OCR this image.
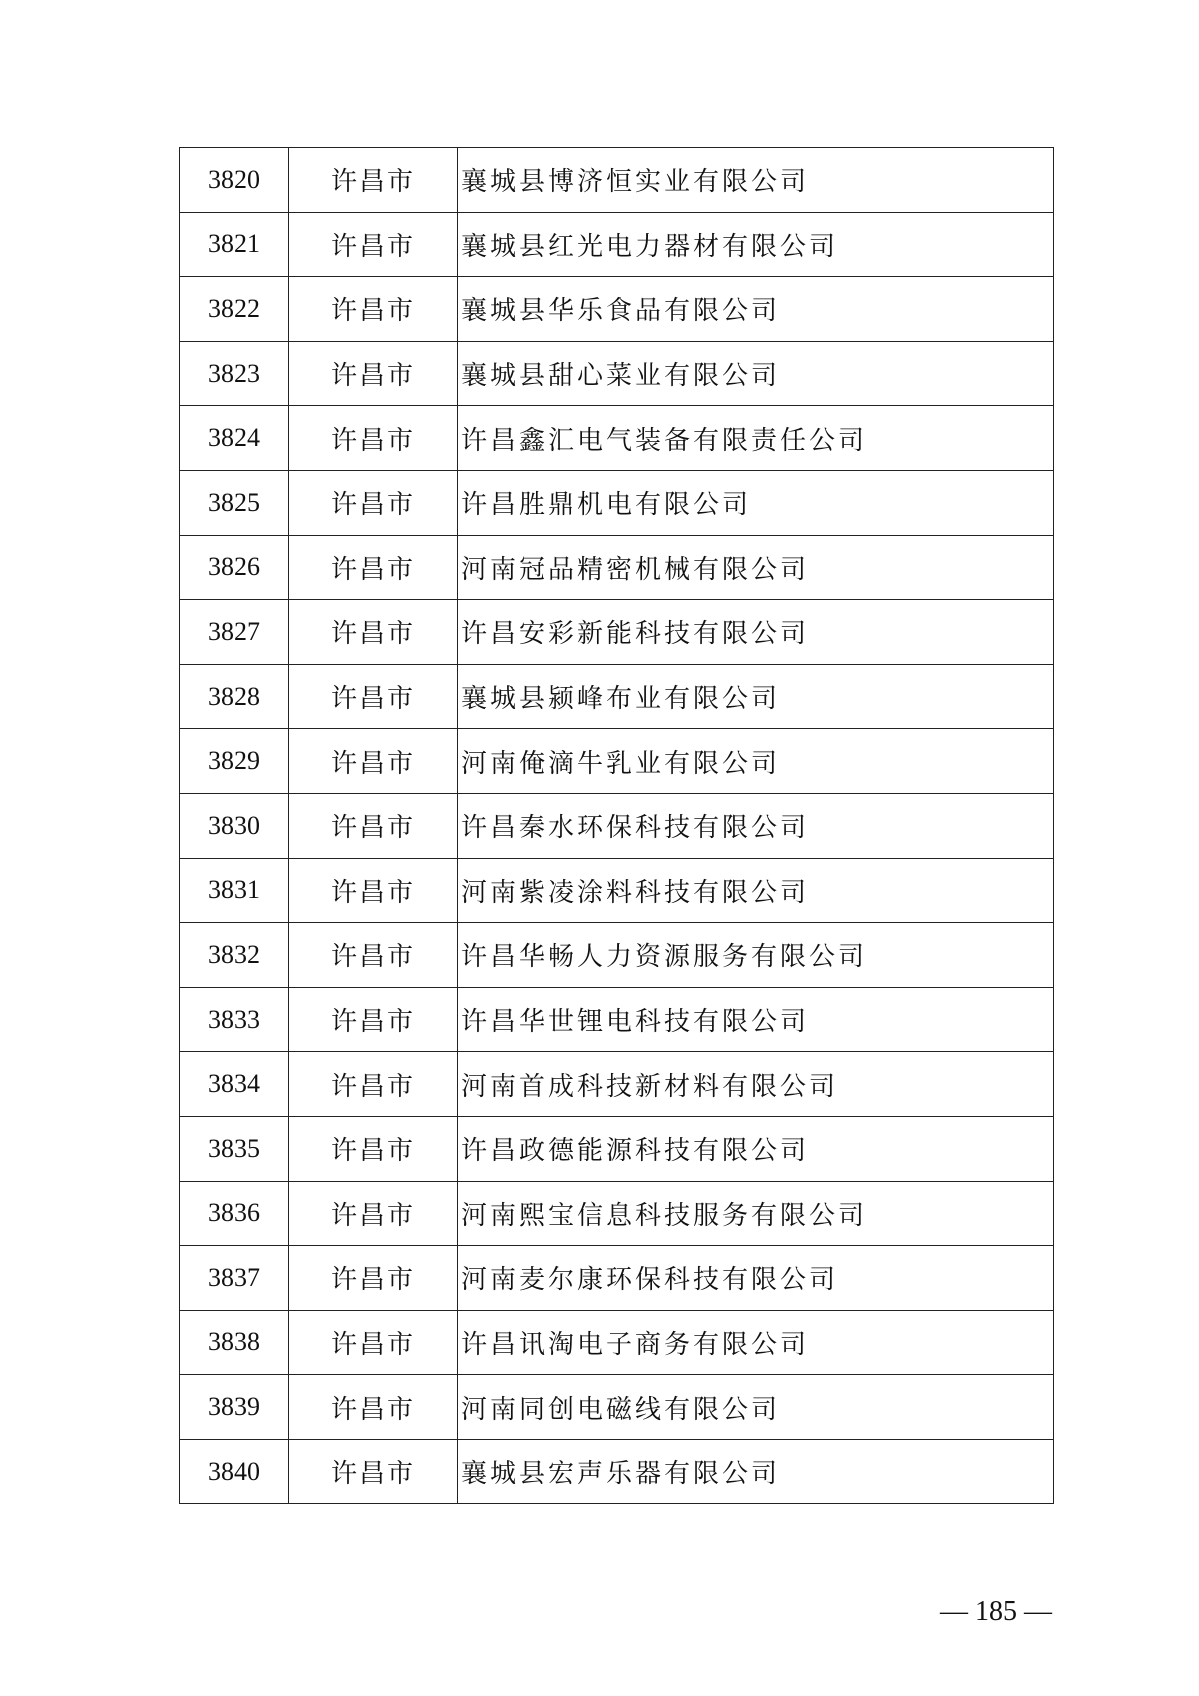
3820	许昌市	襄城县博济恒实业有限公司
3821	许昌市	襄城县红光电力器材有限公司
3822	许昌市	襄城县华乐食品有限公司
3823	许昌市	襄城县甜心菜业有限公司
3824	许昌市	许昌鑫汇电气装备有限责任公司
3825	许昌市	许昌胜鼎机电有限公司
3826	许昌市	河南冠品精密机械有限公司
3827	许昌市	许昌安彩新能科技有限公司
3828	许昌市	襄城县颍峰布业有限公司
3829	许昌市	河南俺滴牛乳业有限公司
3830	许昌市	许昌秦水环保科技有限公司
3831	许昌市	河南紫凌涂料科技有限公司
3832	许昌市	许昌华畅人力资源服务有限公司
3833	许昌市	许昌华世锂电科技有限公司
3834	许昌市	河南首成科技新材料有限公司
3835	许昌市	许昌政德能源科技有限公司
3836	许昌市	河南熙宝信息科技服务有限公司
3837	许昌市	河南麦尔康环保科技有限公司
3838	许昌市	许昌讯淘电子商务有限公司
3839	许昌市	河南同创电磁线有限公司
3840	许昌市	襄城县宏声乐器有限公司
— 185 —
